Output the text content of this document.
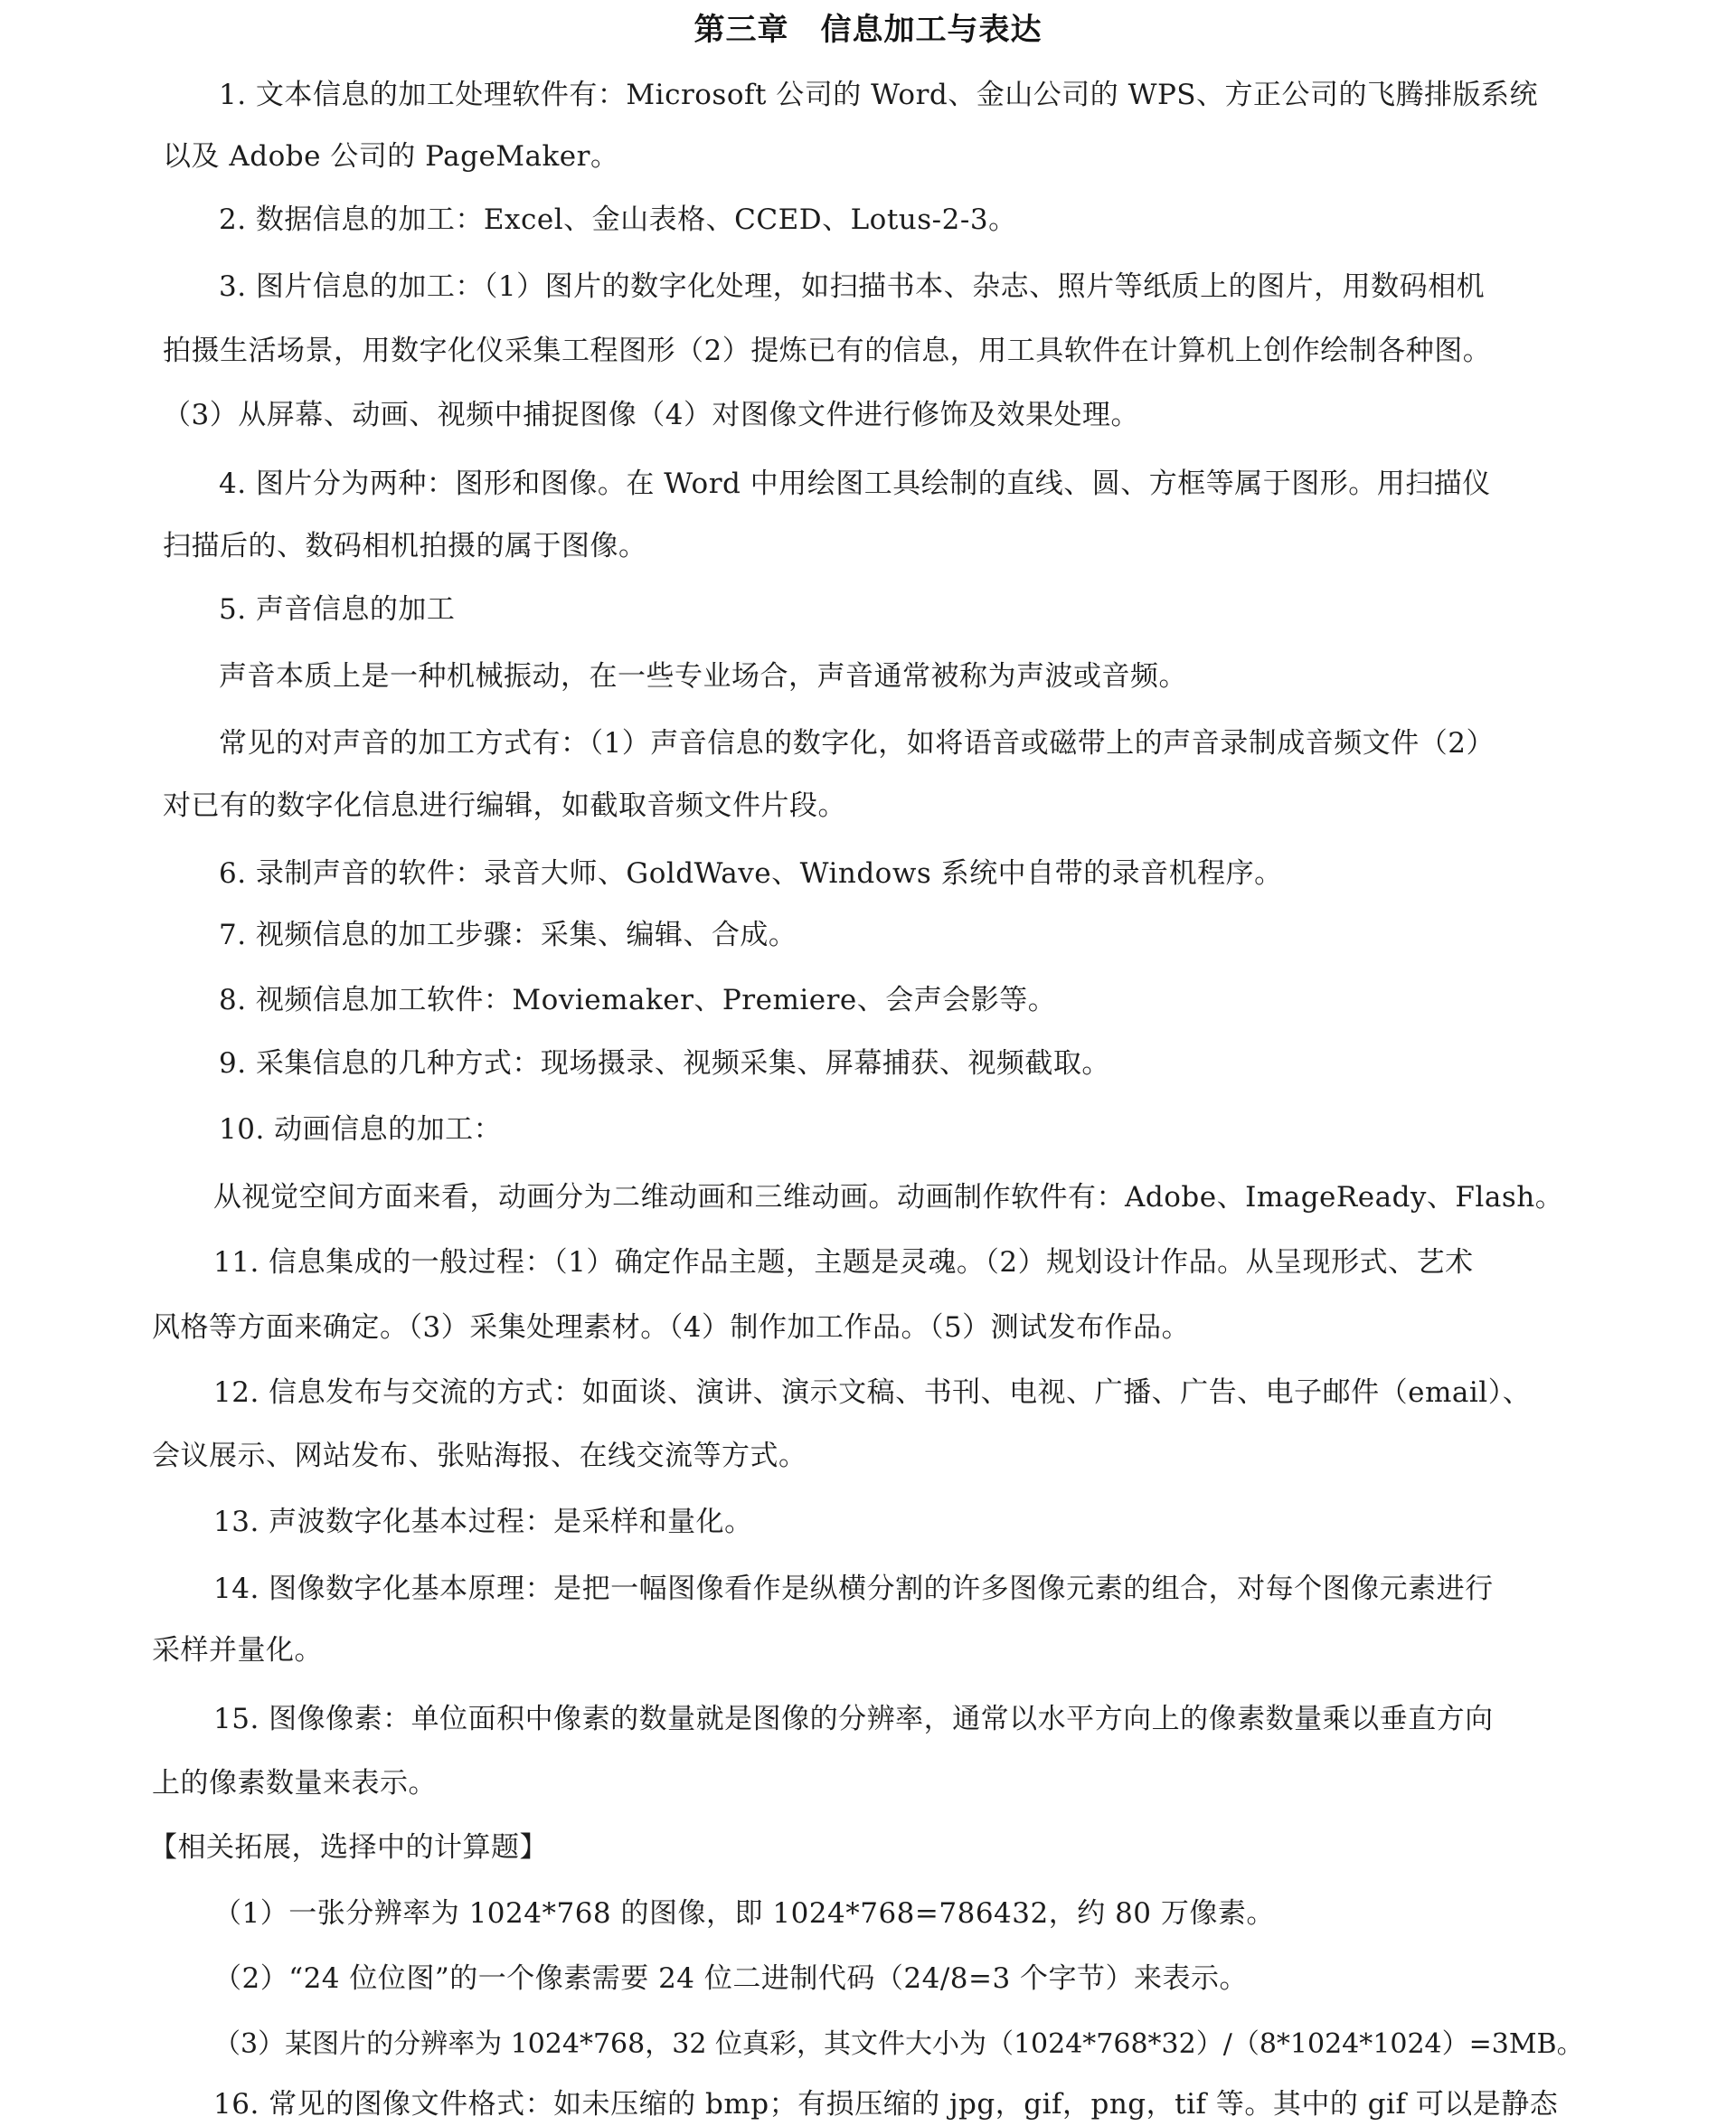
第三章　信息加工与表达
1. 文本信息的加工处理软件有：Microsoft 公司的 Word、金山公司的 WPS、方正公司的飞腾排版系统
以及 Adobe 公司的 PageMaker。
2. 数据信息的加工：Excel、金山表格、CCED、Lotus-2-3。
3. 图片信息的加工：（1）图片的数字化处理，如扫描书本、杂志、照片等纸质上的图片，用数码相机
拍摄生活场景，用数字化仪采集工程图形（2）提炼已有的信息，用工具软件在计算机上创作绘制各种图。
（3）从屏幕、动画、视频中捕捉图像（4）对图像文件进行修饰及效果处理。
4. 图片分为两种：图形和图像。在 Word 中用绘图工具绘制的直线、圆、方框等属于图形。用扫描仪
扫描后的、数码相机拍摄的属于图像。
5. 声音信息的加工
声音本质上是一种机械振动，在一些专业场合，声音通常被称为声波或音频。
常见的对声音的加工方式有：（1）声音信息的数字化，如将语音或磁带上的声音录制成音频文件（2）
对已有的数字化信息进行编辑，如截取音频文件片段。
6. 录制声音的软件：录音大师、GoldWave、Windows 系统中自带的录音机程序。
7. 视频信息的加工步骤：采集、编辑、合成。
8. 视频信息加工软件：Moviemaker、Premiere、会声会影等。
9. 采集信息的几种方式：现场摄录、视频采集、屏幕捕获、视频截取。
10. 动画信息的加工：
从视觉空间方面来看，动画分为二维动画和三维动画。动画制作软件有：Adobe、ImageReady、Flash。
11. 信息集成的一般过程：（1）确定作品主题，主题是灵魂。（2）规划设计作品。从呈现形式、艺术
风格等方面来确定。（3）采集处理素材。（4）制作加工作品。（5）测试发布作品。
12. 信息发布与交流的方式：如面谈、演讲、演示文稿、书刊、电视、广播、广告、电子邮件（email）、
会议展示、网站发布、张贴海报、在线交流等方式。
13. 声波数字化基本过程：是采样和量化。
14. 图像数字化基本原理：是把一幅图像看作是纵横分割的许多图像元素的组合，对每个图像元素进行
采样并量化。
15. 图像像素：单位面积中像素的数量就是图像的分辨率，通常以水平方向上的像素数量乘以垂直方向
上的像素数量来表示。
【相关拓展，选择中的计算题】
（1）一张分辨率为 1024*768 的图像，即 1024*768=786432，约 80 万像素。
（2）“24 位位图”的一个像素需要 24 位二进制代码（24/8=3 个字节）来表示。
（3）某图片的分辨率为 1024*768，32 位真彩，其文件大小为（1024*768*32）/（8*1024*1024）=3MB。
16. 常见的图像文件格式：如未压缩的 bmp；有损压缩的 jpg，gif，png，tif 等。其中的 gif 可以是静态
